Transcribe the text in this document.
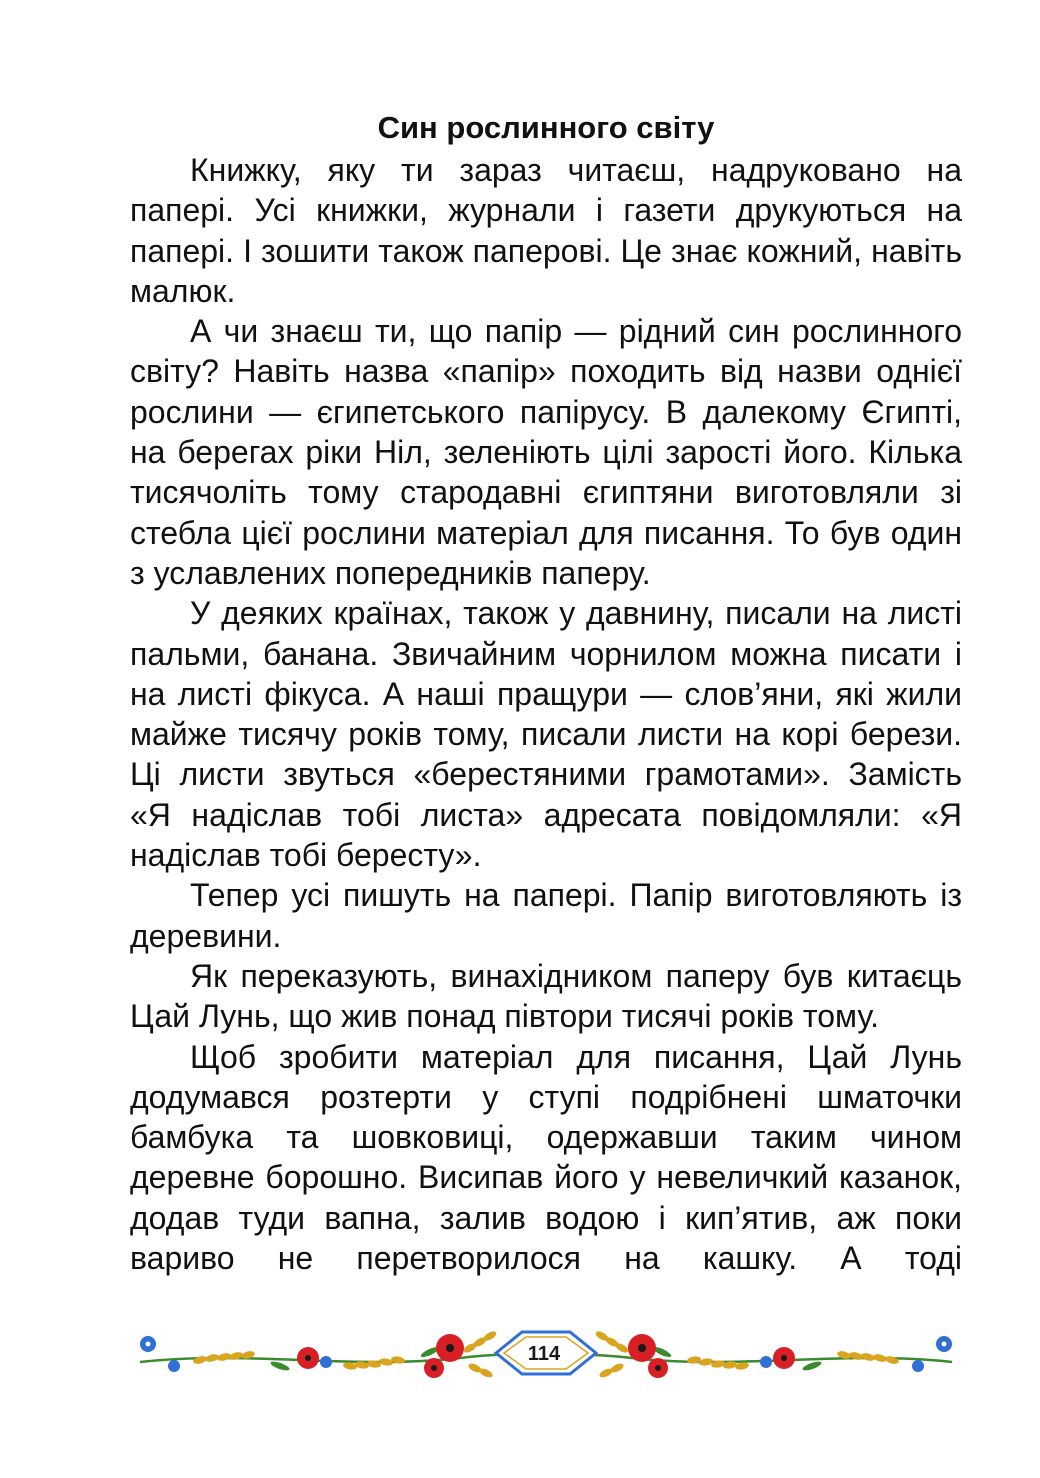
Син рослинного світу

Книжку, яку ти зараз читаєш, надруковано на папері. Усі книжки, журнали і газети друкуються на папері. І зошити також паперові. Це знає кожний, навіть малюк.

А чи знаєш ти, що папір — рідний син рослинного світу? Навіть назва «папір» походить від назви однієї рослини — єгипетського папірусу. В далекому Єгипті, на берегах ріки Ніл, зеленіють цілі зарості його. Кілька тисячоліть тому стародавні єгиптяни виготовляли зі стебла цієї рослини матеріал для писання. То був один з уславлених попередників паперу.

У деяких країнах, також у давнину, писали на листі пальми, банана. Звичайним чорнилом можна писати і на листі фікуса. А наші пращури — слов’яни, які жили майже тисячу років тому, писали листи на корі берези. Ці листи звуться «берестяними грамотами». Замість «Я надіслав тобі листа» адресата повідомляли: «Я надіслав тобі бересту».

Тепер усі пишуть на папері. Папір виготовляють із деревини.

Як переказують, винахідником паперу був китаєць Цай Лунь, що жив понад півтори тисячі років тому.

Щоб зробити матеріал для писання, Цай Лунь додумався розтерти у ступі подрібнені шматочки бамбука та шовковиці, одержавши таким чином деревне борошно. Висипав його у невеличкий казанок, додав туди вапна, залив водою і кип’ятив, аж поки вариво не перетворилося на кашку. А тоді

114
